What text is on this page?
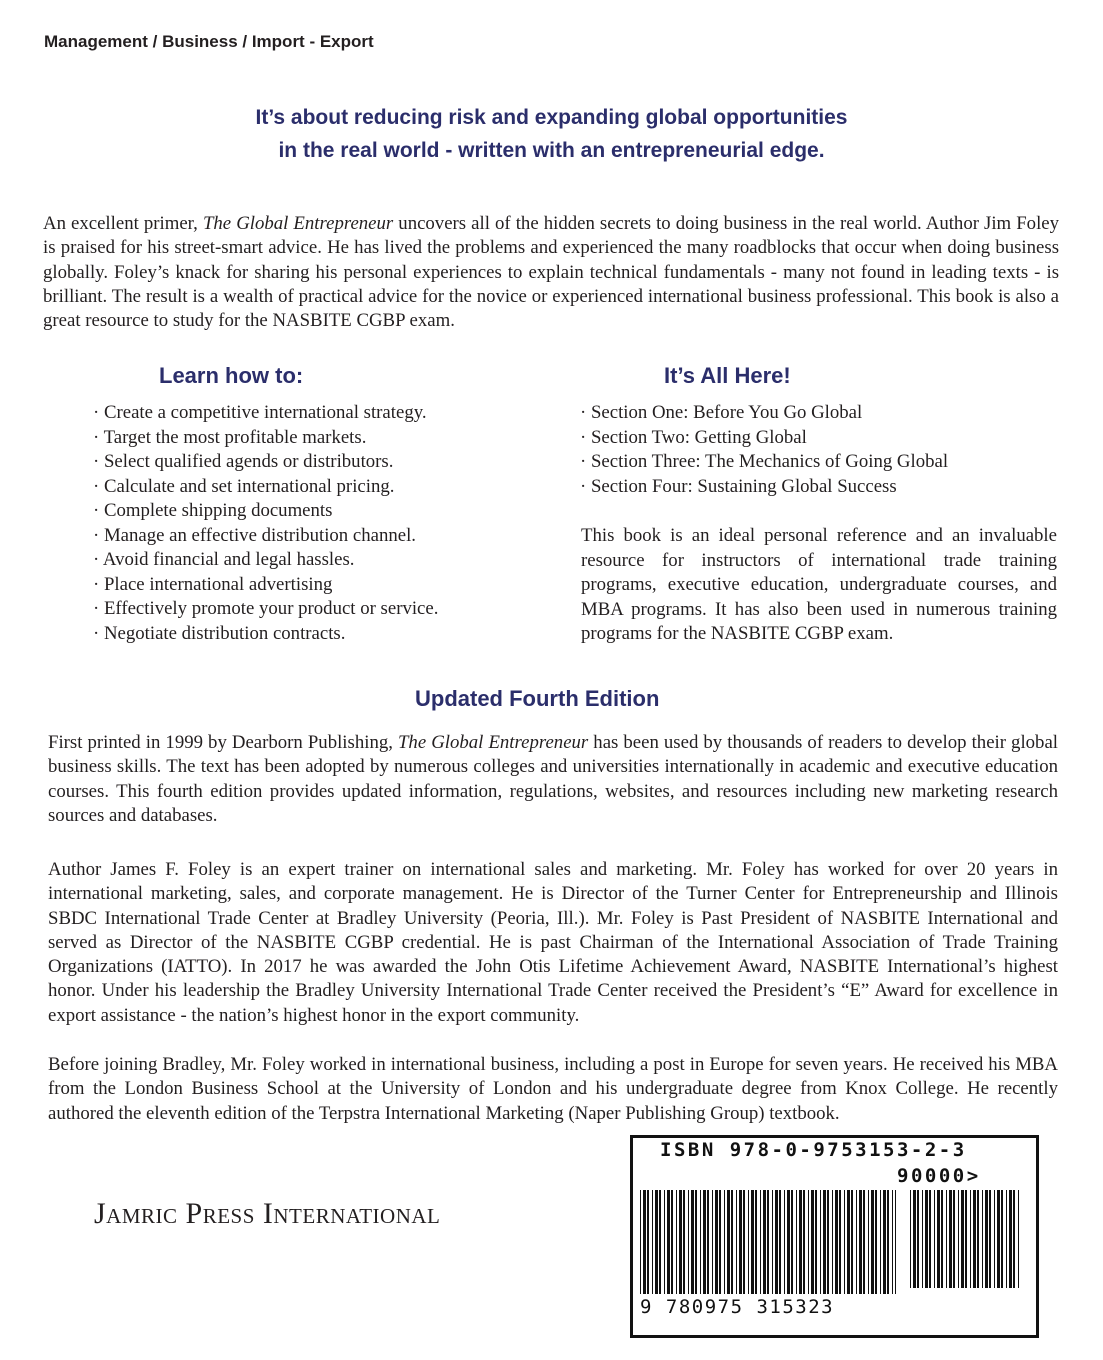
Management / Business / Import - Export
It’s about reducing risk and expanding global opportunities
in the real world - written with an entrepreneurial edge.
An excellent primer, The Global Entrepreneur uncovers all of the hidden secrets to doing business in the real world. Author Jim Foley is praised for his street-smart advice. He has lived the problems and experienced the many roadblocks that occur when doing business globally. Foley’s knack for sharing his personal experiences to explain technical fundamentals - many not found in leading texts - is brilliant. The result is a wealth of practical advice for the novice or experienced international business professional. This book is also a great resource to study for the NASBITE CGBP exam.
Learn how to:
· Create a competitive international strategy.
· Target the most profitable markets.
· Select qualified agends or distributors.
· Calculate and set international pricing.
· Complete shipping documents
· Manage an effective distribution channel.
· Avoid financial and legal hassles.
· Place international advertising
· Effectively promote your product or service.
· Negotiate distribution contracts.
It’s All Here!
· Section One: Before You Go Global
· Section Two: Getting Global
· Section Three: The Mechanics of Going Global
· Section Four: Sustaining Global Success
This book is an ideal personal reference and an invaluable resource for instructors of international trade training programs, executive education, undergraduate courses, and MBA programs. It has also been used in numerous training programs for the NASBITE CGBP exam.
Updated Fourth Edition
First printed in 1999 by Dearborn Publishing, The Global Entrepreneur has been used by thousands of readers to develop their global business skills. The text has been adopted by numerous colleges and universities internationally in academic and executive education courses. This fourth edition provides updated information, regulations, websites, and resources including new marketing research sources and databases.
Author James F. Foley is an expert trainer on international sales and marketing. Mr. Foley has worked for over 20 years in international marketing, sales, and corporate management. He is Director of the Turner Center for Entrepreneurship and Illinois SBDC International Trade Center at Bradley University (Peoria, Ill.). Mr. Foley is Past President of NASBITE International and served as Director of the NASBITE CGBP credential. He is past Chairman of the International Association of Trade Training Organizations (IATTO). In 2017 he was awarded the John Otis Lifetime Achievement Award, NASBITE International’s highest honor. Under his leadership the Bradley University International Trade Center received the President’s “E” Award for excellence in export assistance - the nation’s highest honor in the export community.
Before joining Bradley, Mr. Foley worked in international business, including a post in Europe for seven years. He received his MBA from the London Business School at the University of London and his undergraduate degree from Knox College. He recently authored the eleventh edition of the Terpstra International Marketing (Naper Publishing Group) textbook.
Jamric Press International
ISBN 978-0-9753153-2-3
90000>
9 780975 315323
